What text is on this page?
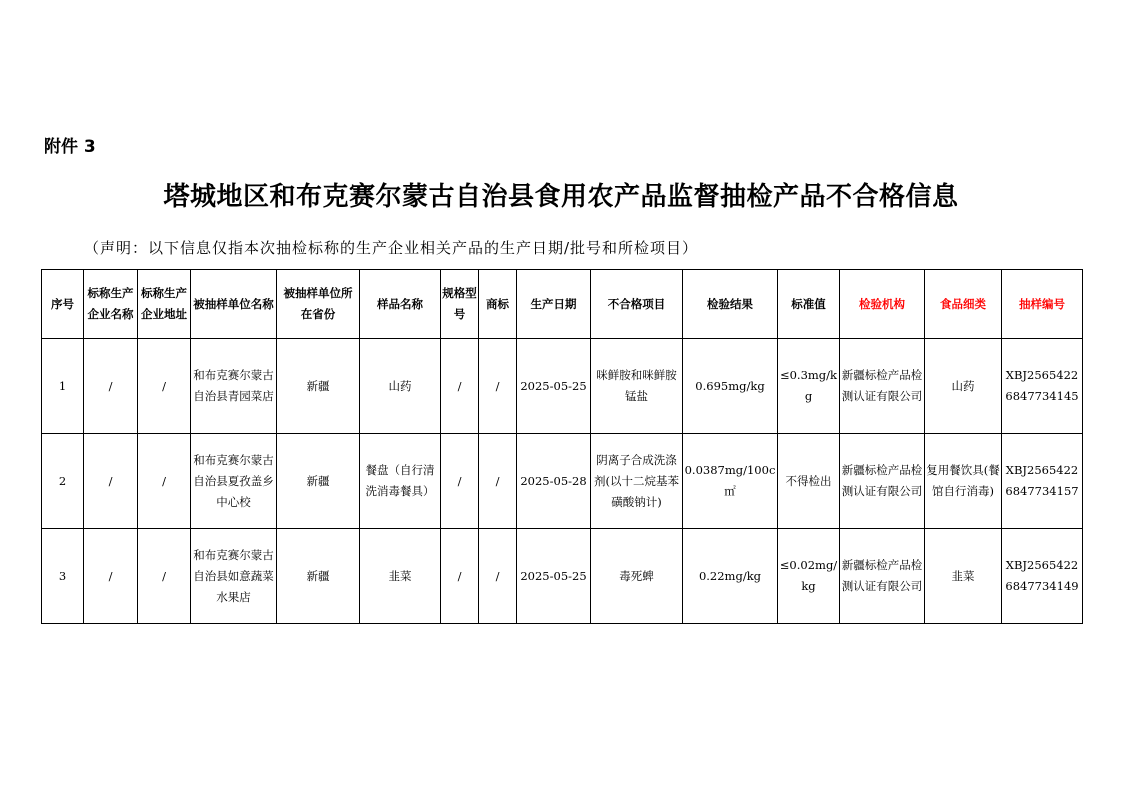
附件 3
塔城地区和布克赛尔蒙古自治县食用农产品监督抽检产品不合格信息
（声明：以下信息仅指本次抽检标称的生产企业相关产品的生产日期/批号和所检项目）
序号	标称生产企业名称	标称生产企业地址	被抽样单位名称	被抽样单位所在省份	样品名称	规格型号	商标	生产日期	不合格项目	检验结果	标准值	检验机构	食品细类	抽样编号
1	/	/	和布克赛尔蒙古自治县青园菜店	新疆	山药	/	/	2025-05-25	咪鲜胺和咪鲜胺锰盐	0.695mg/kg	≤0.3mg/kg	新疆标检产品检测认证有限公司	山药	XBJ25654226847734145
2	/	/	和布克赛尔蒙古自治县夏孜盖乡中心校	新疆	餐盘（自行清洗消毒餐具）	/	/	2025-05-28	阴离子合成洗涤剂(以十二烷基苯磺酸钠计)	0.0387mg/100c㎡	不得检出	新疆标检产品检测认证有限公司	复用餐饮具(餐馆自行消毒)	XBJ25654226847734157
3	/	/	和布克赛尔蒙古自治县如意蔬菜水果店	新疆	韭菜	/	/	2025-05-25	毒死蜱	0.22mg/kg	≤0.02mg/kg	新疆标检产品检测认证有限公司	韭菜	XBJ25654226847734149
